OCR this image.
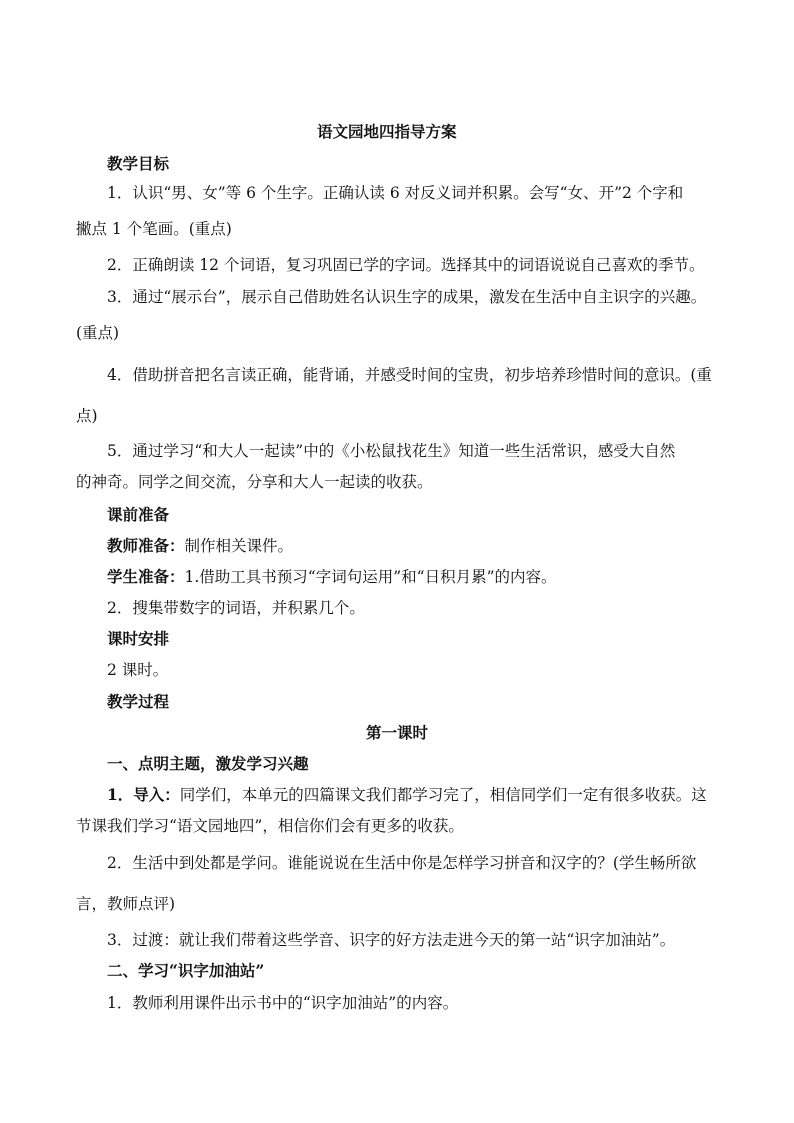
语文园地四指导方案
教学目标
1．认识“男、女”等 6 个生字。正确认读 6 对反义词并积累。会写“女、开”2 个字和
撇点 1 个笔画。(重点)
2．正确朗读 12 个词语，复习巩固已学的字词。选择其中的词语说说自己喜欢的季节。
3．通过“展示台”，展示自己借助姓名认识生字的成果，激发在生活中自主识字的兴趣。
(重点)
4．借助拼音把名言读正确，能背诵，并感受时间的宝贵，初步培养珍惜时间的意识。(重
点)
5．通过学习“和大人一起读”中的《小松鼠找花生》知道一些生活常识，感受大自然
的神奇。同学之间交流，分享和大人一起读的收获。
课前准备
教师准备：制作相关课件。
学生准备：1.借助工具书预习“字词句运用”和“日积月累”的内容。
2．搜集带数字的词语，并积累几个。
课时安排
2 课时。
教学过程
第一课时
一、点明主题，激发学习兴趣
1．导入：同学们，本单元的四篇课文我们都学习完了，相信同学们一定有很多收获。这
节课我们学习“语文园地四”，相信你们会有更多的收获。
2．生活中到处都是学问。谁能说说在生活中你是怎样学习拼音和汉字的？(学生畅所欲
言，教师点评)
3．过渡：就让我们带着这些学音、识字的好方法走进今天的第一站“识字加油站”。
二、学习“识字加油站”
1．教师利用课件出示书中的“识字加油站”的内容。
